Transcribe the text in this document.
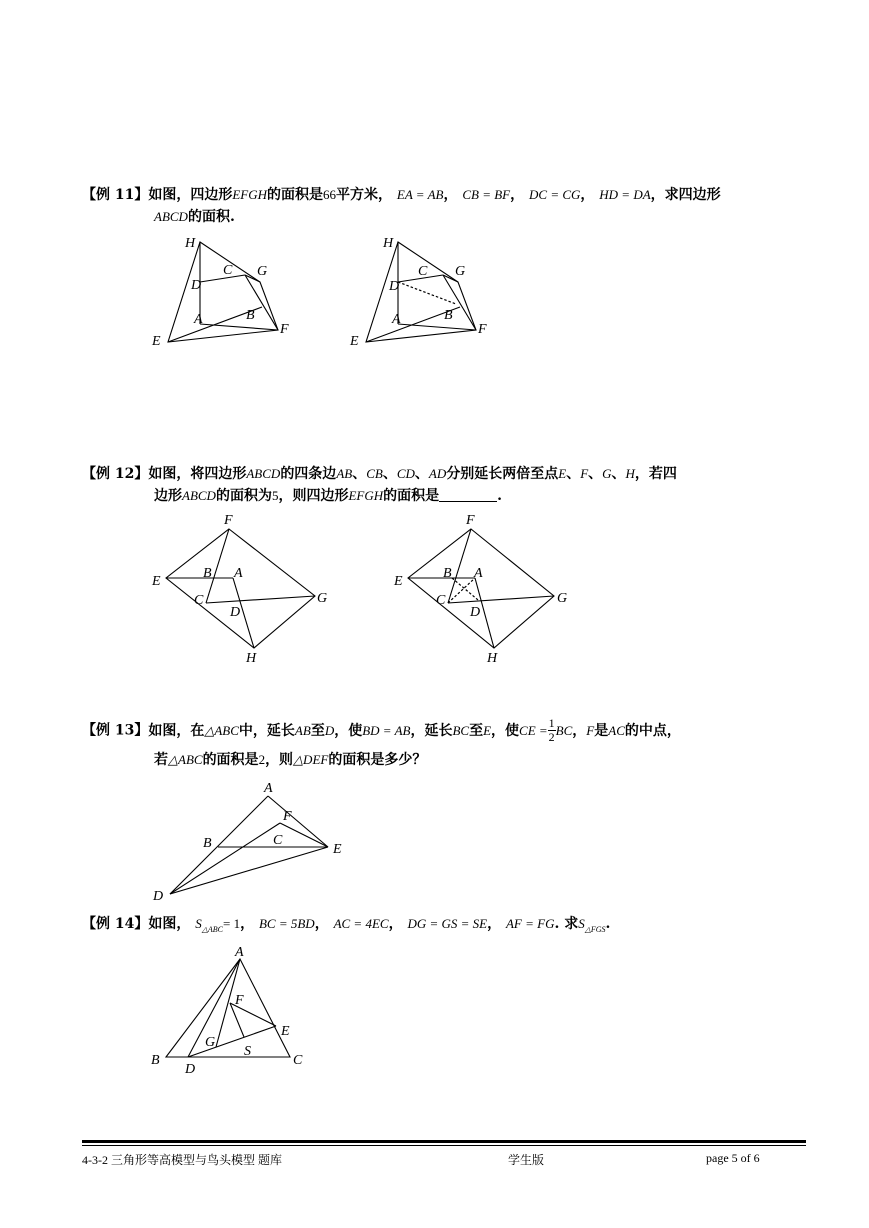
【例 11】如图，四边形EFGH的面积是66平方米， EA = AB， CB = BF， DC = CG， HD = DA，求四边形
ABCD的面积.
H
C G
D
A	B
E
F
H
C G
D
A	B
E
F
【例 12】如图，将四边形ABCD的四条边AB、CB、CD、AD分别延长两倍至点E、F、G、H，若四
边形ABCD的面积为5，则四边形EFGH的面积是	.
F
E
B A
C
D
G
H
F
E
B A
C
D
G
H
【例 13】如图，在△ABC中，延长AB至D，使BD = AB，延长BC至E，使CE = $\frac{1}{2}$ BC，F是AC的中点，
若△ABC的面积是2，则△DEF的面积是多少？
A
F
B	C
E
D
【例 14】如图， $S_{\triangle ABC}= 1$， BC = 5BD， AC = 4EC， DG = GS = SE， AF = FG. 求$S_{\triangle FGS}$.
A
F
E
G
S
B
D
C
4-3-2 三角形等高模型与鸟头模型 题库	学生版	page 5 of 6
